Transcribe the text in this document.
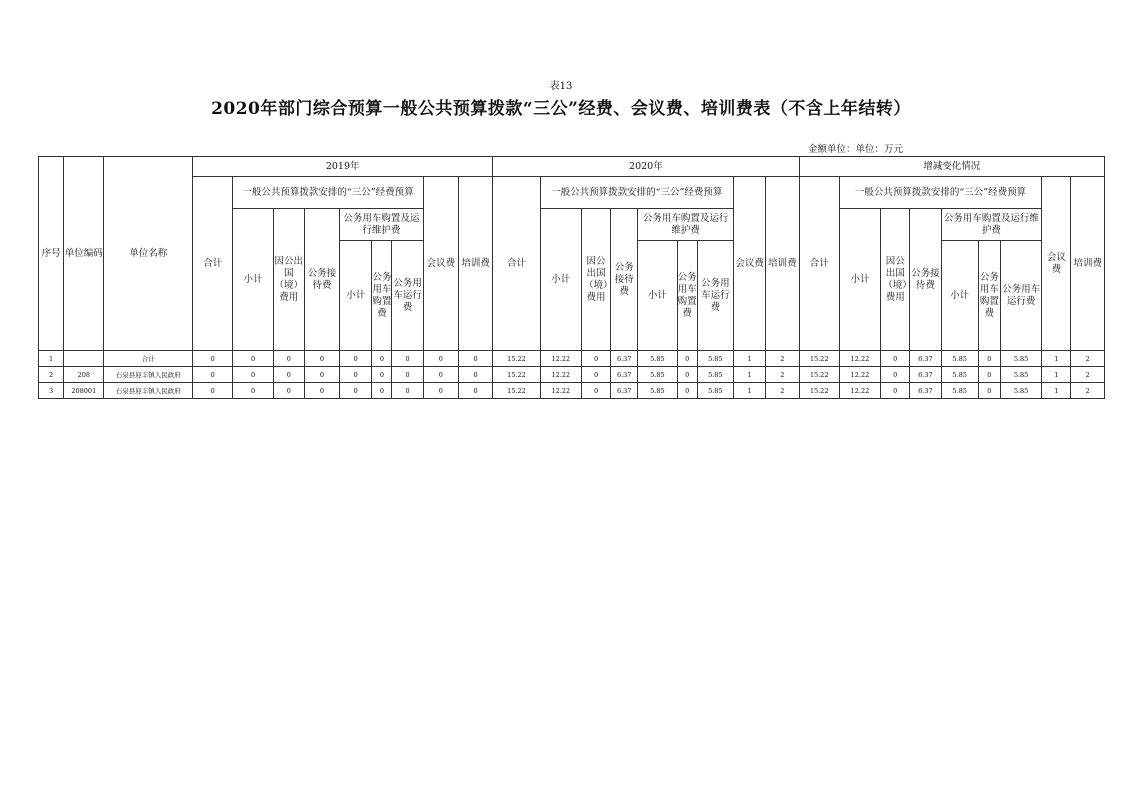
表13
2020年部门综合预算一般公共预算拨款“三公”经费、会议费、培训费表（不含上年结转）
金额单位：单位：万元
序号	单位编码	单位名称	2019年									2020年									增减变化情况								
			合计	一般公共预算拨款安排的“三公”经费预算						会议费	培训费	合计	一般公共预算拨款安排的“三公”经费预算						会议费	培训费	合计	一般公共预算拨款安排的“三公”经费预算						会议费	培训费
				小计	因公出国（境）费用	公务接待费	公务用车购置及运行维护费						小计	因公出国（境）费用	公务接待费	公务用车购置及运行维护费						小计	因公出国（境）费用	公务接待费	公务用车购置及运行维护费				
							小计	公务用车购置费	公务用车运行费							小计	公务用车购置费	公务用车运行费							小计	公务用车购置费	公务用车运行费		

1		合计	0	0	0	0	0	0	0	0	0	15.22	12.22	0	6.37	5.85	0	5.85	1	2	15.22	12.22	0	6.37	5.85	0	5.85	1	2
2	208	石泉县迎丰镇人民政府	0	0	0	0	0	0	0	0	0	15.22	12.22	0	6.37	5.85	0	5.85	1	2	15.22	12.22	0	6.37	5.85	0	5.85	1	2
3	208001	石泉县迎丰镇人民政府	0	0	0	0	0	0	0	0	0	15.22	12.22	0	6.37	5.85	0	5.85	1	2	15.22	12.22	0	6.37	5.85	0	5.85	1	2
